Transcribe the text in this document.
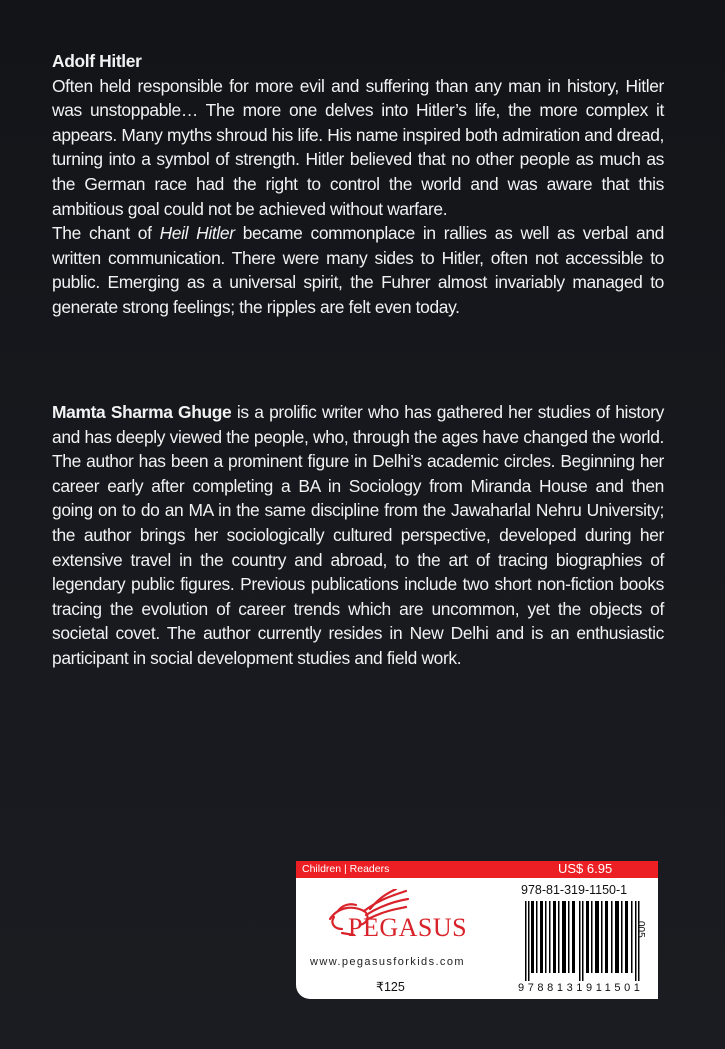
Adolf Hitler

Often held responsible for more evil and suffering than any man in history, Hitler was unstoppable… The more one delves into Hitler’s life, the more complex it appears. Many myths shroud his life. His name inspired both admiration and dread, turning into a symbol of strength. Hitler believed that no other people as much as the German race had the right to control the world and was aware that this ambitious goal could not be achieved without warfare.

The chant of Heil Hitler became commonplace in rallies as well as verbal and written communication. There were many sides to Hitler, often not accessible to public. Emerging as a universal spirit, the Fuhrer almost invariably managed to generate strong feelings; the ripples are felt even today.

Mamta Sharma Ghuge is a prolific writer who has gathered her studies of history and has deeply viewed the people, who, through the ages have changed the world. The author has been a prominent figure in Delhi’s academic circles. Beginning her career early after completing a BA in Sociology from Miranda House and then going on to do an MA in the same discipline from the Jawaharlal Nehru University; the author brings her sociologically cultured perspective, developed during her extensive travel in the country and abroad, to the art of tracing biographies of legendary public figures. Previous publications include two short non-fiction books tracing the evolution of career trends which are uncommon, yet the objects of societal covet. The author currently resides in New Delhi and is an enthusiastic participant in social development studies and field work.

Children | Readers	US$ 6.95
PEGASUS
www.pegasusforkids.com
₹125
978-81-319-1150-1
9788131911501
005
